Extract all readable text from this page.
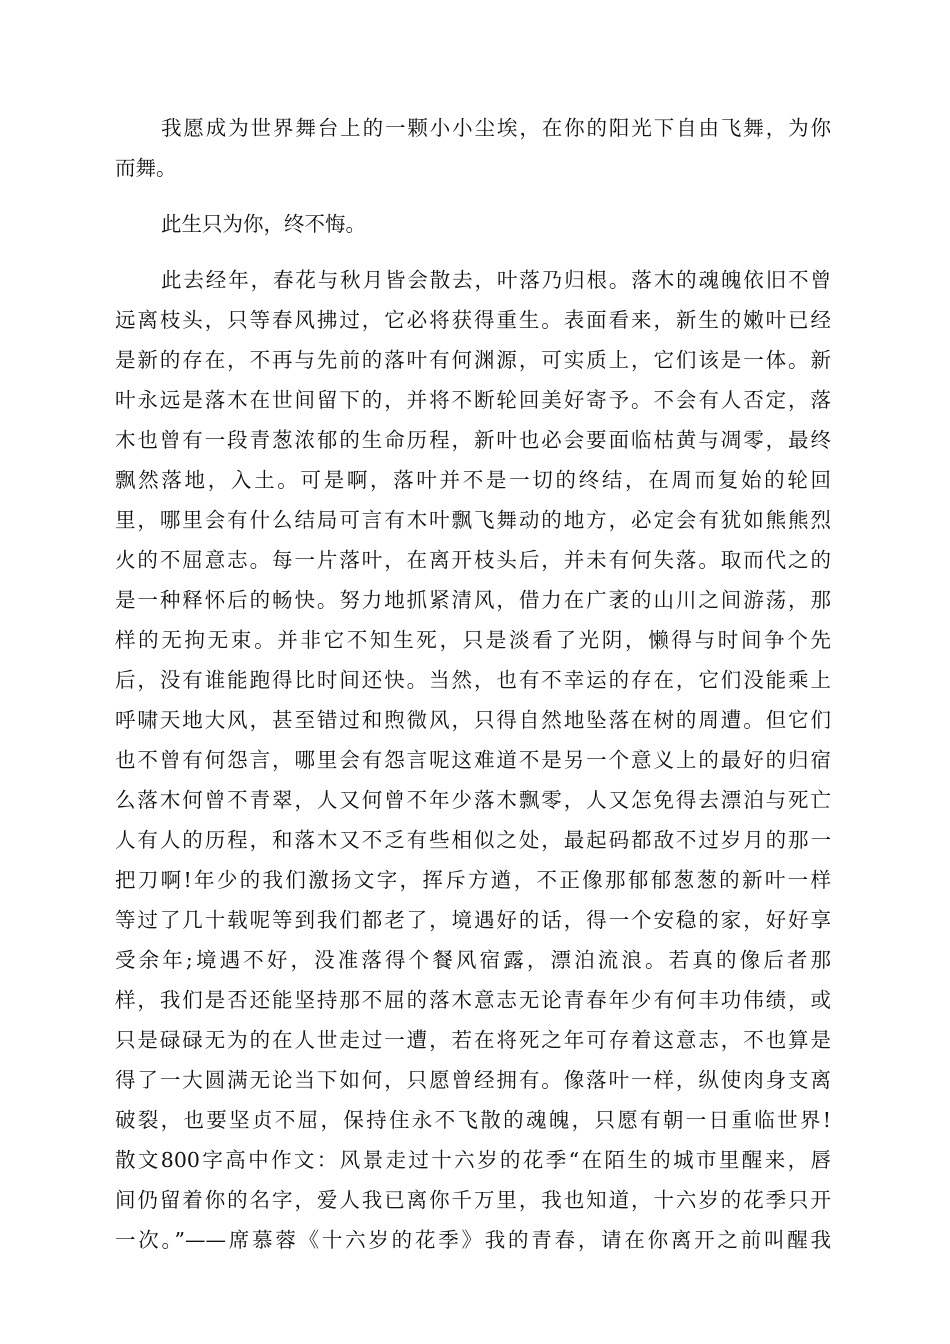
我愿成为世界舞台上的一颗小小尘埃，在你的阳光下自由飞舞，为你
而舞。
此生只为你，终不悔。
此去经年，春花与秋月皆会散去，叶落乃归根。落木的魂魄依旧不曾
远离枝头，只等春风拂过，它必将获得重生。表面看来，新生的嫩叶已经
是新的存在，不再与先前的落叶有何渊源，可实质上，它们该是一体。新
叶永远是落木在世间留下的，并将不断轮回美好寄予。不会有人否定，落
木也曾有一段青葱浓郁的生命历程，新叶也必会要面临枯黄与凋零，最终
飘然落地，入土。可是啊，落叶并不是一切的终结，在周而复始的轮回
里，哪里会有什么结局可言有木叶飘飞舞动的地方，必定会有犹如熊熊烈
火的不屈意志。每一片落叶，在离开枝头后，并未有何失落。取而代之的
是一种释怀后的畅快。努力地抓紧清风，借力在广袤的山川之间游荡，那
样的无拘无束。并非它不知生死，只是淡看了光阴，懒得与时间争个先
后，没有谁能跑得比时间还快。当然，也有不幸运的存在，它们没能乘上
呼啸天地大风，甚至错过和煦微风，只得自然地坠落在树的周遭。但它们
也不曾有何怨言，哪里会有怨言呢这难道不是另一个意义上的最好的归宿
么落木何曾不青翠，人又何曾不年少落木飘零，人又怎免得去漂泊与死亡
人有人的历程，和落木又不乏有些相似之处，最起码都敌不过岁月的那一
把刀啊!年少的我们激扬文字，挥斥方遒，不正像那郁郁葱葱的新叶一样
等过了几十载呢等到我们都老了，境遇好的话，得一个安稳的家，好好享
受余年;境遇不好，没准落得个餐风宿露，漂泊流浪。若真的像后者那
样，我们是否还能坚持那不屈的落木意志无论青春年少有何丰功伟绩，或
只是碌碌无为的在人世走过一遭，若在将死之年可存着这意志，不也算是
得了一大圆满无论当下如何，只愿曾经拥有。像落叶一样，纵使肉身支离
破裂，也要坚贞不屈，保持住永不飞散的魂魄，只愿有朝一日重临世界!
散文800字高中作文：风景走过十六岁的花季“在陌生的城市里醒来，唇
间仍留着你的名字，爱人我已离你千万里，我也知道，十六岁的花季只开
一次。”——席慕蓉《十六岁的花季》我的青春，请在你离开之前叫醒我
